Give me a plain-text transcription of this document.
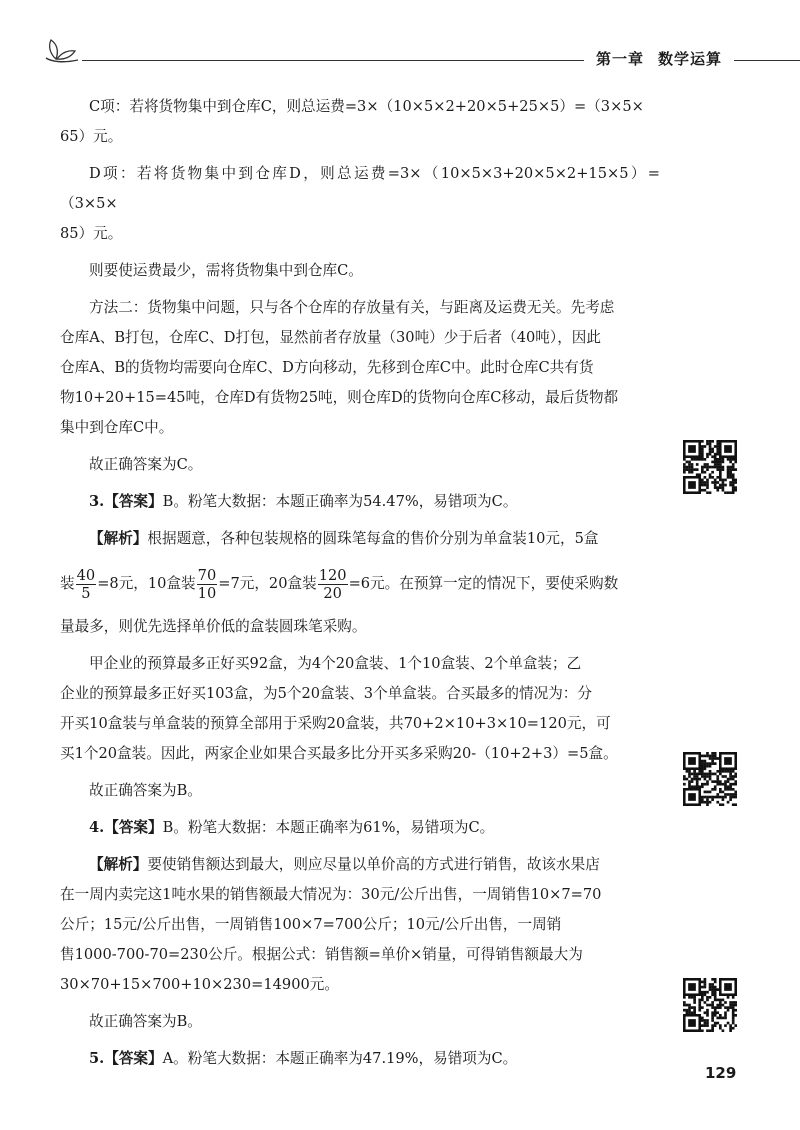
第一章 数学运算

C项：若将货物集中到仓库C，则总运费=3×（10×5×2+20×5+25×5）=（3×5×

65）元。

D项：若将货物集中到仓库D，则总运费=3×（10×5×3+20×5×2+15×5）=（3×5×

85）元。

则要使运费最少，需将货物集中到仓库C。

方法二：货物集中问题，只与各个仓库的存放量有关，与距离及运费无关。先考虑

仓库A、B打包，仓库C、D打包，显然前者存放量（30吨）少于后者（40吨），因此

仓库A、B的货物均需要向仓库C、D方向移动，先移到仓库C中。此时仓库C共有货

物10+20+15=45吨，仓库D有货物25吨，则仓库D的货物向仓库C移动，最后货物都

集中到仓库C中。

故正确答案为C。

3.【答案】B。粉笔大数据：本题正确率为54.47%，易错项为C。

【解析】根据题意，各种包装规格的圆珠笔每盒的售价分别为单盒装10元，5盒

装 $\frac{40}{5} =8$元，10盒装 $\frac{70}{10} =7$元，20盒装 $\frac{120}{20} =6$元。在预算一定的情况下，要使采购数

量最多，则优先选择单价低的盒装圆珠笔采购。

甲企业的预算最多正好买92盒，为4个20盒装、1个10盒装、2个单盒装；乙

企业的预算最多正好买103盒，为5个20盒装、3个单盒装。合买最多的情况为：分

开买10盒装与单盒装的预算全部用于采购20盒装，共70+2×10+3×10=120元，可

买1个20盒装。因此，两家企业如果合买最多比分开买多采购20-（10+2+3）=5盒。

故正确答案为B。

4.【答案】B。粉笔大数据：本题正确率为61%，易错项为C。

【解析】要使销售额达到最大，则应尽量以单价高的方式进行销售，故该水果店

在一周内卖完这1吨水果的销售额最大情况为：30元/公斤出售，一周销售10×7=70

公斤；15元/公斤出售，一周销售100×7=700公斤；10元/公斤出售，一周销

售1000-700-70=230公斤。根据公式：销售额=单价×销量，可得销售额最大为

30×70+15×700+10×230=14900元。

故正确答案为B。

5.【答案】A。粉笔大数据：本题正确率为47.19%，易错项为C。

129
